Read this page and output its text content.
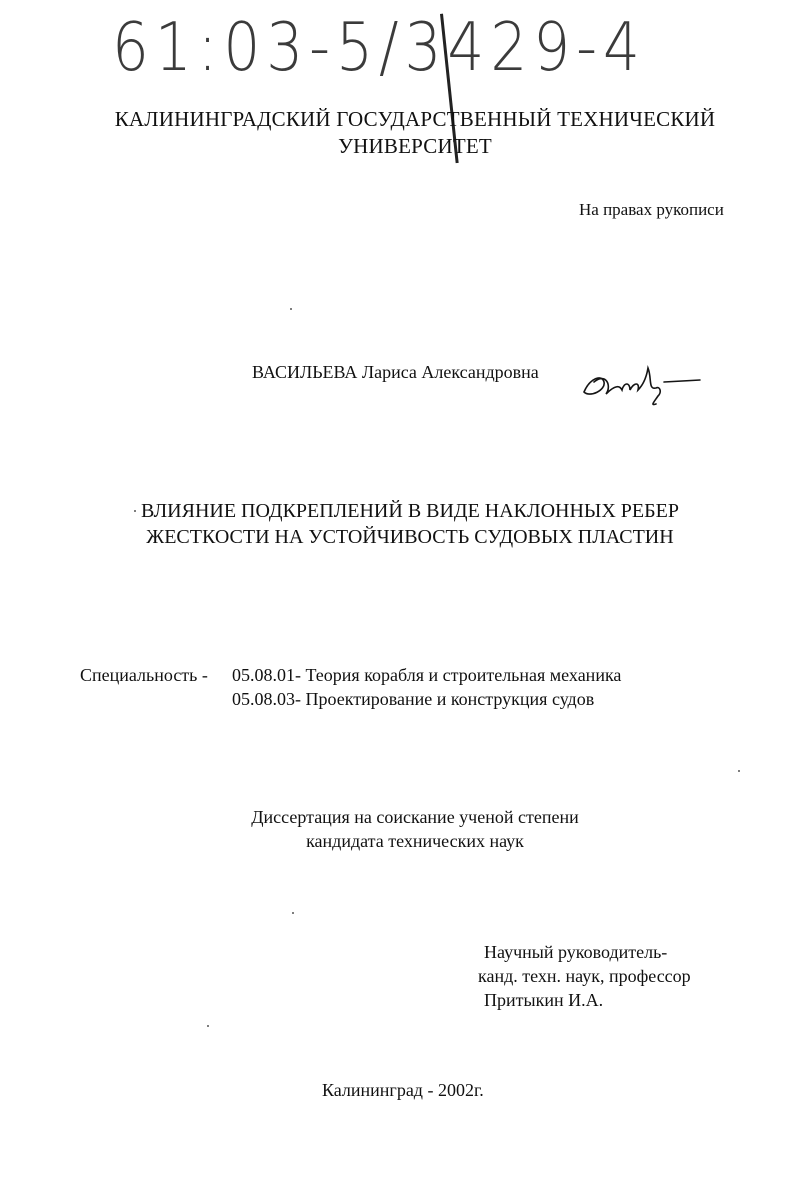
61:03-5/3429-4
КАЛИНИНГРАДСКИЙ ГОСУДАРСТВЕННЫЙ ТЕХНИЧЕСКИЙ
УНИВЕРСИТЕТ
На правах рукописи
ВАСИЛЬЕВА Лариса Александровна
ВЛИЯНИЕ ПОДКРЕПЛЕНИЙ В ВИДЕ НАКЛОННЫХ РЕБЕР
ЖЕСТКОСТИ НА УСТОЙЧИВОСТЬ СУДОВЫХ ПЛАСТИН
Специальность - 05.08.01- Теория корабля и строительная механика
05.08.03- Проектирование и конструкция судов
Диссертация на соискание ученой степени
кандидата технических наук
Научный руководитель-
канд. техн. наук, профессор
Притыкин И.А.
Калининград - 2002г.
